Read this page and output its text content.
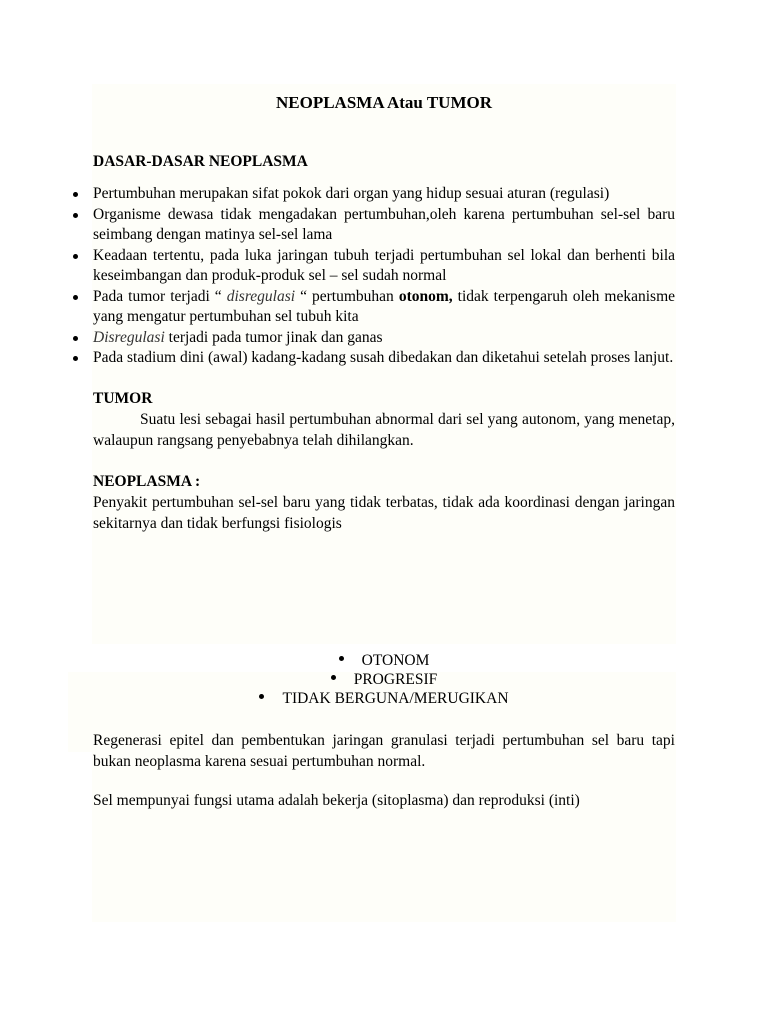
NEOPLASMA Atau TUMOR
DASAR-DASAR NEOPLASMA
Pertumbuhan merupakan sifat pokok dari organ yang hidup sesuai aturan (regulasi)
Organisme dewasa tidak mengadakan pertumbuhan,oleh karena pertumbuhan sel-sel baru seimbang dengan matinya sel-sel lama
Keadaan tertentu, pada luka jaringan tubuh terjadi pertumbuhan sel lokal dan berhenti bila keseimbangan dan produk-produk sel – sel sudah normal
Pada tumor terjadi “ disregulasi “ pertumbuhan otonom, tidak terpengaruh oleh mekanisme yang mengatur pertumbuhan sel tubuh kita
Disregulasi terjadi pada tumor jinak dan ganas
Pada stadium dini (awal) kadang-kadang susah dibedakan dan diketahui setelah proses lanjut.
TUMOR

Suatu lesi sebagai hasil pertumbuhan abnormal dari sel yang autonom, yang menetap, walaupun rangsang penyebabnya telah dihilangkan.

NEOPLASMA :

Penyakit pertumbuhan sel-sel baru yang tidak terbatas, tidak ada koordinasi dengan jaringan sekitarnya dan tidak berfungsi fisiologis

OTONOM
PROGRESIF
TIDAK BERGUNA/MERUGIKAN

Regenerasi epitel dan pembentukan jaringan granulasi terjadi pertumbuhan sel baru tapi bukan neoplasma karena sesuai pertumbuhan normal.

Sel mempunyai fungsi utama adalah bekerja (sitoplasma) dan reproduksi (inti)
